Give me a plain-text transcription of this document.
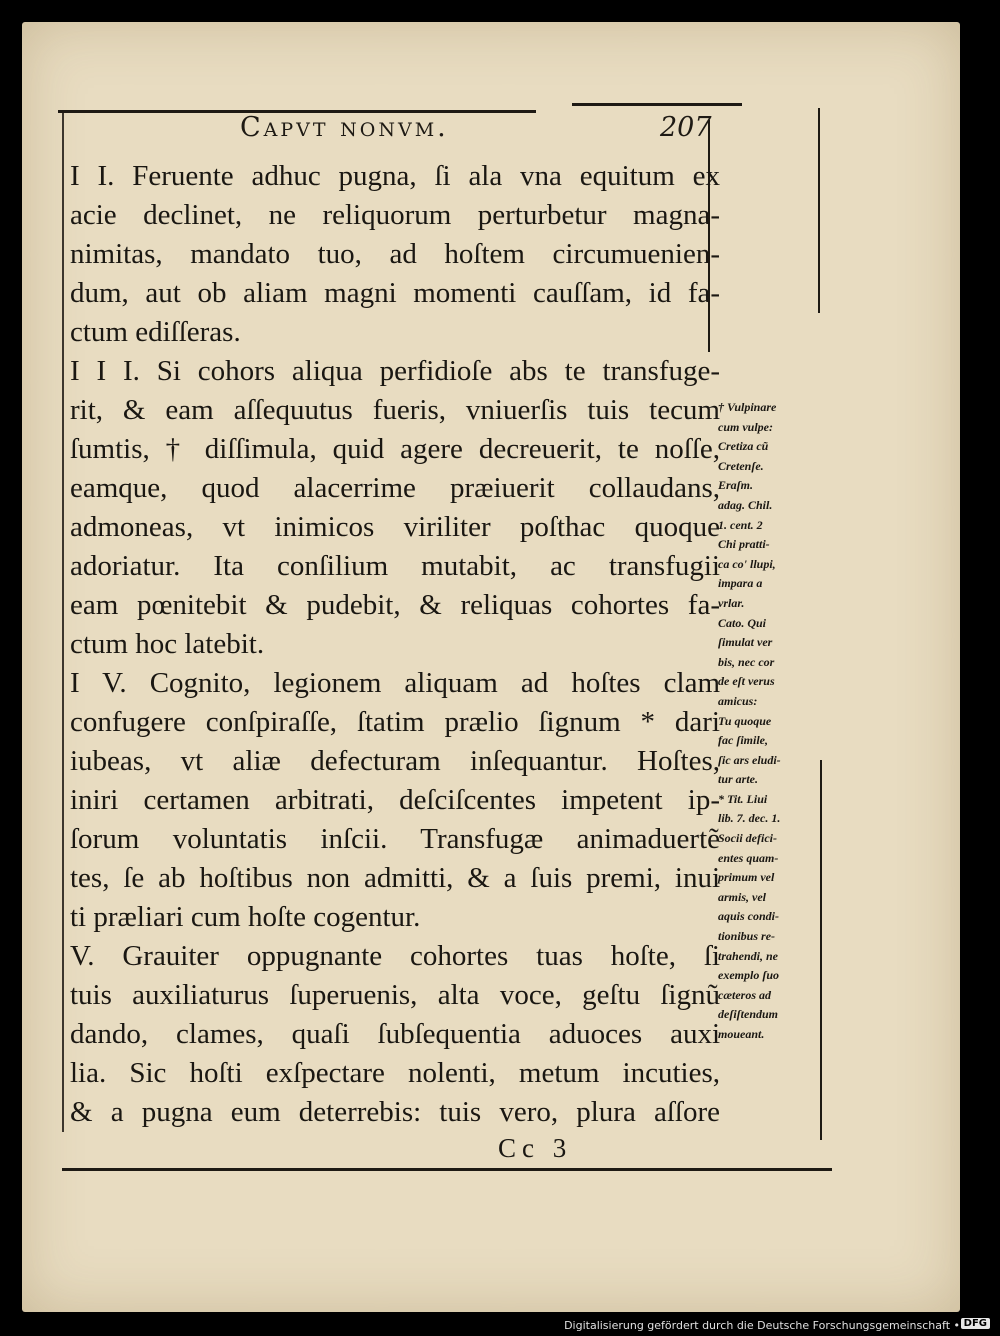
Capvt nonvm.	207
I I. Feruente adhuc pugna, ſi ala vna equitum ex
acie declinet, ne reliquorum perturbetur magna-
nimitas, mandato tuo, ad hoſtem circumuenien-
dum, aut ob aliam magni momenti cauſſam, id fa-
ctum ediſſeras.
I I I. Si cohors aliqua perfidioſe abs te transfuge-
rit, & eam aſſequutus fueris, vniuerſis tuis tecum
ſumtis, † diſſimula, quid agere decreuerit, te noſſe,
eamque, quod alacerrime præiuerit collaudans,
admoneas, vt inimicos viriliter poſthac quoque
adoriatur. Ita conſilium mutabit, ac transfugii
eam pœnitebit & pudebit, & reliquas cohortes fa-
ctum hoc latebit.
I V. Cognito, legionem aliquam ad hoſtes clam
confugere conſpiraſſe, ſtatim prælio ſignum * dari
iubeas, vt aliæ defecturam inſequantur. Hoſtes,
iniri certamen arbitrati, deſciſcentes impetent ip-
ſorum voluntatis inſcii. Transfugæ animaduertẽ
tes, ſe ab hoſtibus non admitti, & a ſuis premi, inui
ti præliari cum hoſte cogentur.
V. Grauiter oppugnante cohortes tuas hoſte, ſi
tuis auxiliaturus ſuperuenis, alta voce, geſtu ſignũ
dando, clames, quaſi ſubſequentia aduoces auxi
lia. Sic hoſti exſpectare nolenti, metum incuties,
& a pugna eum deterrebis: tuis vero, plura aſſore
† Vulpinare
cum vulpe:
Cretiza cũ
Cretenſe.
Eraſm.
adag. Chil.
1. cent. 2
Chi pratti-
ca co' llupi,
impara a
vrlar.
Cato. Qui
ſimulat ver
bis, nec cor
de eſt verus
amicus:
Tu quoque
fac ſimile,
ſic ars eludi-
tur arte.
* Tit. Liui
lib. 7. dec. 1.
Socii defici-
entes quam-
primum vel
armis, vel
aquis condi-
tionibus re-
trahendi, ne
exemplo ſuo
cæteros ad
deſiſtendum
moueant.
Cc 3
Digitalisierung gefördert durch die Deutsche Forschungsgemeinschaft • DFG
